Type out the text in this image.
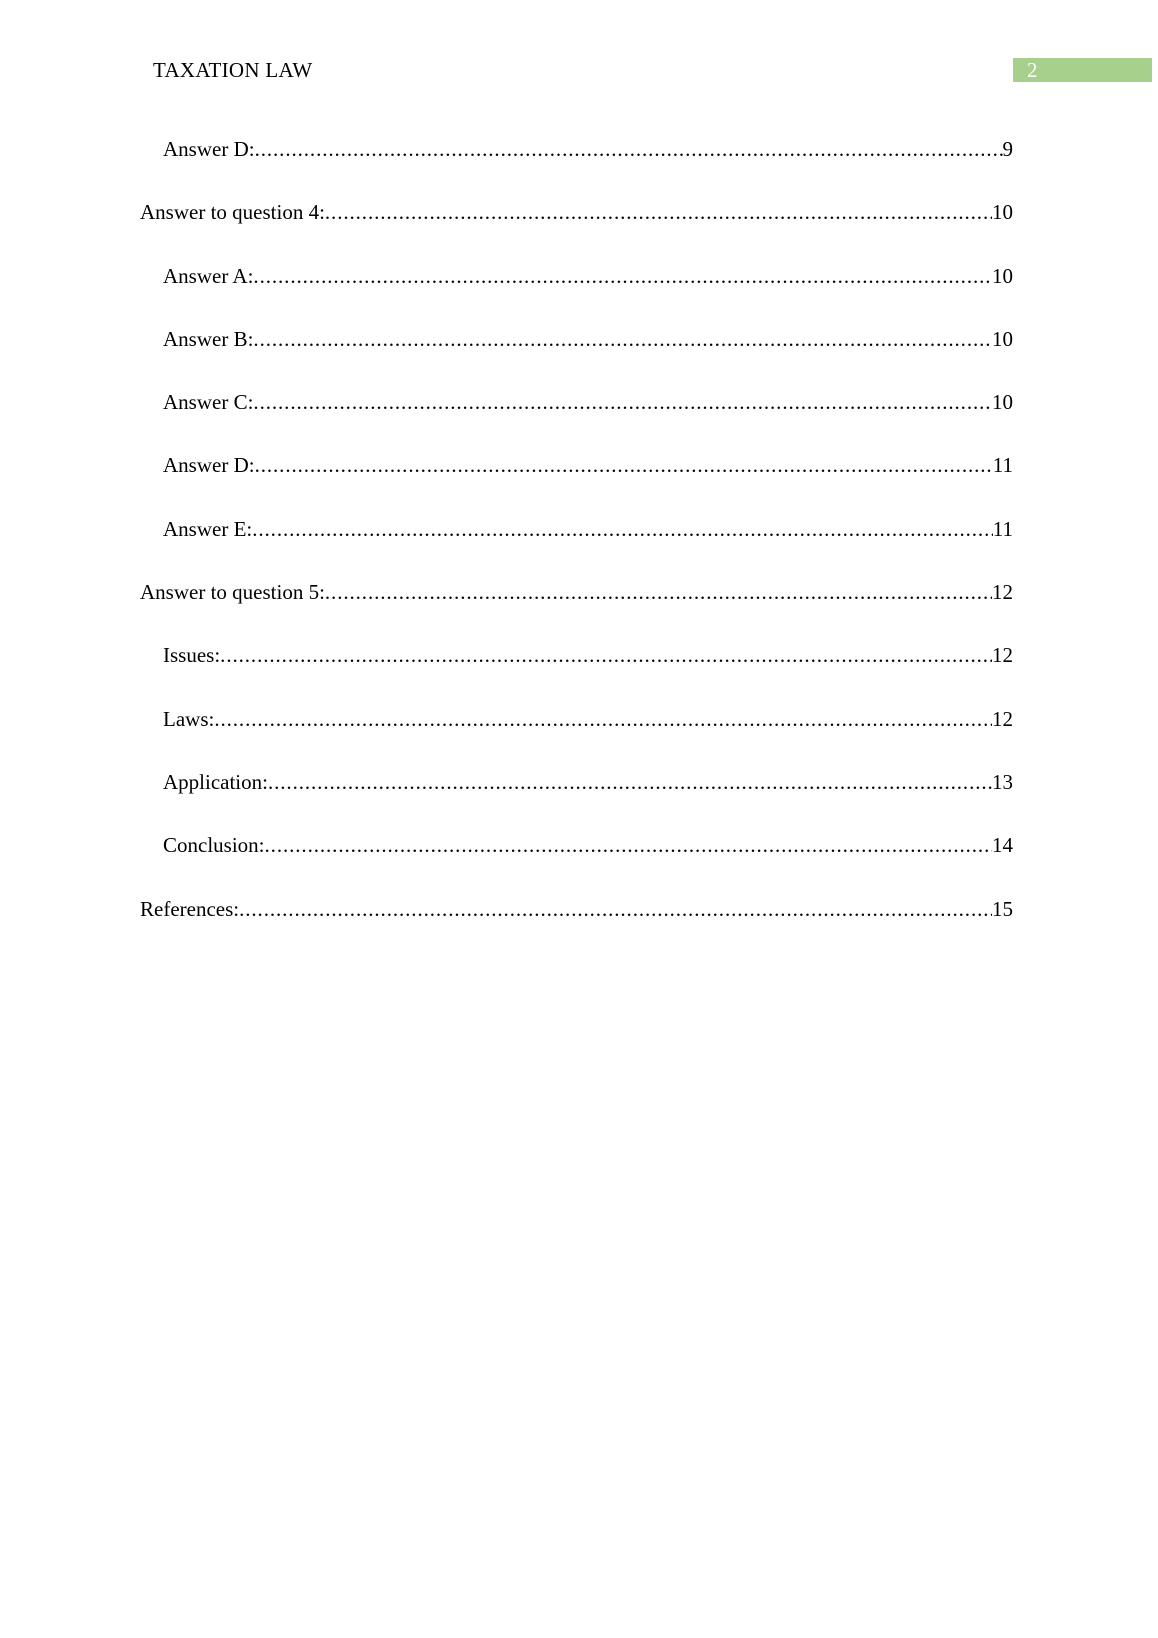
TAXATION LAW	2
Answer D: .....	9
Answer to question 4: .....	10
Answer A: .....	10
Answer B: .....	10
Answer C: .....	10
Answer D: .....	11
Answer E: .....	11
Answer to question 5: .....	12
Issues: .....	12
Laws: .....	12
Application: .....	13
Conclusion: .....	14
References: .....	15
